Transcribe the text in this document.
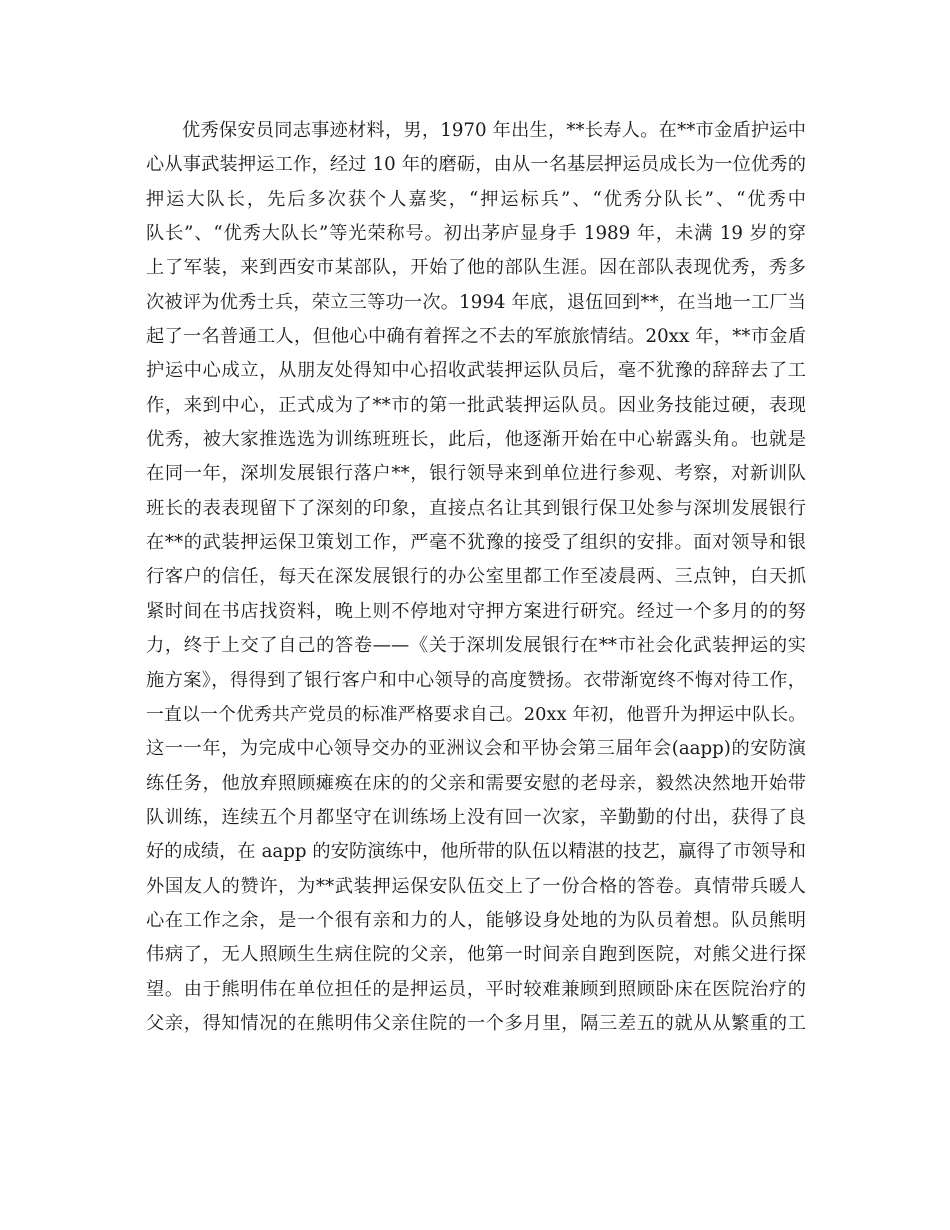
优秀保安员同志事迹材料，男，1970 年出生，**长寿人。在**市金盾护运中
心从事武装押运工作，经过 10 年的磨砺，由从一名基层押运员成长为一位优秀的
押运大队长，先后多次获个人嘉奖，“押运标兵”、“优秀分队长”、“优秀中
队长”、“优秀大队长”等光荣称号。初出茅庐显身手 1989 年，未满 19 岁的穿
上了军装，来到西安市某部队，开始了他的部队生涯。因在部队表现优秀，秀多
次被评为优秀士兵，荣立三等功一次。1994 年底，退伍回到**，在当地一工厂当
起了一名普通工人，但他心中确有着挥之不去的军旅旅情结。20xx 年，**市金盾
护运中心成立，从朋友处得知中心招收武装押运队员后，毫不犹豫的辞辞去了工
作，来到中心，正式成为了**市的第一批武装押运队员。因业务技能过硬，表现
优秀，被大家推选选为训练班班长，此后，他逐渐开始在中心崭露头角。也就是
在同一年，深圳发展银行落户**，银行领导来到单位进行参观、考察，对新训队
班长的表表现留下了深刻的印象，直接点名让其到银行保卫处参与深圳发展银行
在**的武装押运保卫策划工作，严毫不犹豫的接受了组织的安排。面对领导和银
行客户的信任，每天在深发展银行的办公室里都工作至凌晨两、三点钟，白天抓
紧时间在书店找资料，晚上则不停地对守押方案进行研究。经过一个多月的的努
力，终于上交了自己的答卷——《关于深圳发展银行在**市社会化武装押运的实
施方案》，得得到了银行客户和中心领导的高度赞扬。衣带渐宽终不悔对待工作，
一直以一个优秀共产党员的标准严格要求自己。20xx 年初，他晋升为押运中队长。
这一一年，为完成中心领导交办的亚洲议会和平协会第三届年会(aapp)的安防演
练任务，他放弃照顾瘫痪在床的的父亲和需要安慰的老母亲，毅然决然地开始带
队训练，连续五个月都坚守在训练场上没有回一次家，辛勤勤的付出，获得了良
好的成绩，在 aapp 的安防演练中，他所带的队伍以精湛的技艺，赢得了市领导和
外国友人的赞许，为**武装押运保安队伍交上了一份合格的答卷。真情带兵暖人
心在工作之余，是一个很有亲和力的人，能够设身处地的为队员着想。队员熊明
伟病了，无人照顾生生病住院的父亲，他第一时间亲自跑到医院，对熊父进行探
望。由于熊明伟在单位担任的是押运员，平时较难兼顾到照顾卧床在医院治疗的
父亲，得知情况的在熊明伟父亲住院的一个多月里，隔三差五的就从从繁重的工
